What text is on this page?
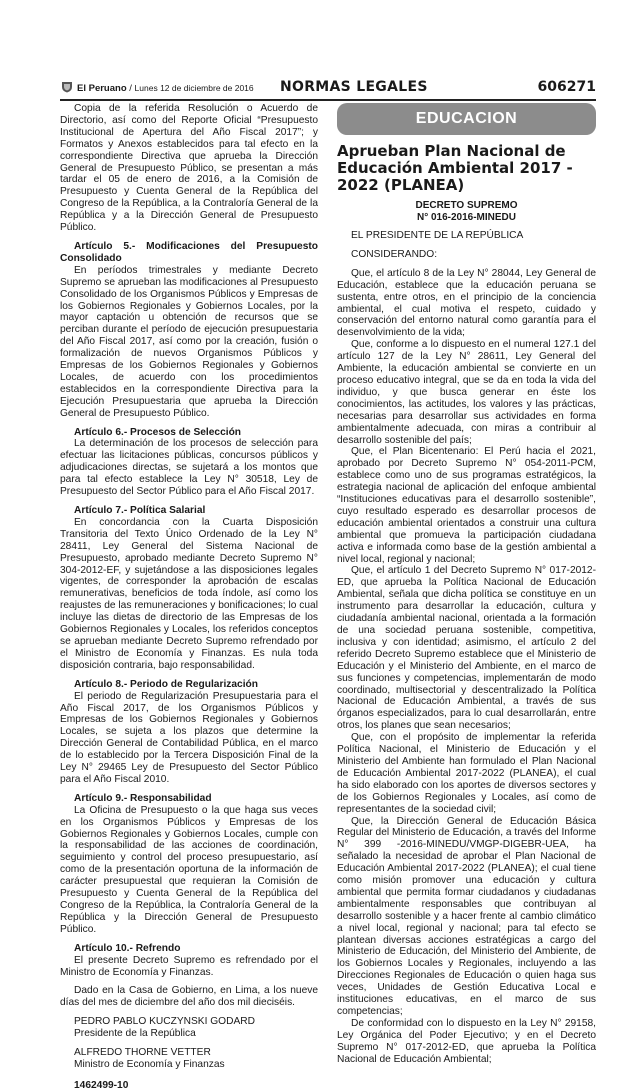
El Peruano / Lunes 12 de diciembre de 2016 NORMAS LEGALES	606271

Copia de la referida Resolución o Acuerdo de Directorio, así como del Reporte Oficial “Presupuesto Institucional de Apertura del Año Fiscal 2017”; y Formatos y Anexos establecidos para tal efecto en la correspondiente Directiva que aprueba la Dirección General de Presupuesto Público, se presentan a más tardar el 05 de enero de 2016, a la Comisión de Presupuesto y Cuenta General de la República del Congreso de la República, a la Contraloría General de la República y a la Dirección General de Presupuesto Público.

Artículo 5.- Modificaciones del Presupuesto Consolidado

En períodos trimestrales y mediante Decreto Supremo se aprueban las modificaciones al Presupuesto Consolidado de los Organismos Públicos y Empresas de los Gobiernos Regionales y Gobiernos Locales, por la mayor captación u obtención de recursos que se perciban durante el período de ejecución presupuestaria del Año Fiscal 2017, así como por la creación, fusión o formalización de nuevos Organismos Públicos y Empresas de los Gobiernos Regionales y Gobiernos Locales, de acuerdo con los procedimientos establecidos en la correspondiente Directiva para la Ejecución Presupuestaria que aprueba la Dirección General de Presupuesto Público.

Artículo 6.- Procesos de Selección

La determinación de los procesos de selección para efectuar las licitaciones públicas, concursos públicos y adjudicaciones directas, se sujetará a los montos que para tal efecto establece la Ley N° 30518, Ley de Presupuesto del Sector Público para el Año Fiscal 2017.

Artículo 7.- Política Salarial

En concordancia con la Cuarta Disposición Transitoria del Texto Único Ordenado de la Ley N° 28411, Ley General del Sistema Nacional de Presupuesto, aprobado mediante Decreto Supremo N° 304-2012-EF, y sujetándose a las disposiciones legales vigentes, de corresponder la aprobación de escalas remunerativas, beneficios de toda índole, así como los reajustes de las remuneraciones y bonificaciones; lo cual incluye las dietas de directorio de las Empresas de los Gobiernos Regionales y Locales, los referidos conceptos se aprueban mediante Decreto Supremo refrendado por el Ministro de Economía y Finanzas. Es nula toda disposición contraria, bajo responsabilidad.

Artículo 8.- Periodo de Regularización

El periodo de Regularización Presupuestaria para el Año Fiscal 2017, de los Organismos Públicos y Empresas de los Gobiernos Regionales y Gobiernos Locales, se sujeta a los plazos que determine la Dirección General de Contabilidad Pública, en el marco de lo establecido por la Tercera Disposición Final de la Ley N° 29465 Ley de Presupuesto del Sector Público para el Año Fiscal 2010.

Artículo 9.- Responsabilidad

La Oficina de Presupuesto o la que haga sus veces en los Organismos Públicos y Empresas de los Gobiernos Regionales y Gobiernos Locales, cumple con la responsabilidad de las acciones de coordinación, seguimiento y control del proceso presupuestario, así como de la presentación oportuna de la información de carácter presupuestal que requieran la Comisión de Presupuesto y Cuenta General de la República del Congreso de la República, la Contraloría General de la República y la Dirección General de Presupuesto Público.

Artículo 10.- Refrendo

El presente Decreto Supremo es refrendado por el Ministro de Economía y Finanzas.

Dado en la Casa de Gobierno, en Lima, a los nueve días del mes de diciembre del año dos mil dieciséis.

PEDRO PABLO KUCZYNSKI GODARD

Presidente de la República

ALFREDO THORNE VETTER

Ministro de Economía y Finanzas

1462499-10

EDUCACION

Aprueban Plan Nacional de Educación Ambiental 2017 - 2022 (PLANEA)

DECRETO SUPREMO

N° 016-2016-MINEDU

EL PRESIDENTE DE LA REPÚBLICA

CONSIDERANDO:

Que, el artículo 8 de la Ley N° 28044, Ley General de Educación, establece que la educación peruana se sustenta, entre otros, en el principio de la conciencia ambiental, el cual motiva el respeto, cuidado y conservación del entorno natural como garantía para el desenvolvimiento de la vida;

Que, conforme a lo dispuesto en el numeral 127.1 del artículo 127 de la Ley N° 28611, Ley General del Ambiente, la educación ambiental se convierte en un proceso educativo integral, que se da en toda la vida del individuo, y que busca generar en éste los conocimientos, las actitudes, los valores y las prácticas, necesarias para desarrollar sus actividades en forma ambientalmente adecuada, con miras a contribuir al desarrollo sostenible del país;

Que, el Plan Bicentenario: El Perú hacia el 2021, aprobado por Decreto Supremo N° 054-2011-PCM, establece como uno de sus programas estratégicos, la estrategia nacional de aplicación del enfoque ambiental “Instituciones educativas para el desarrollo sostenible”, cuyo resultado esperado es desarrollar procesos de educación ambiental orientados a construir una cultura ambiental que promueva la participación ciudadana activa e informada como base de la gestión ambiental a nivel local, regional y nacional;

Que, el artículo 1 del Decreto Supremo N° 017-2012-ED, que aprueba la Política Nacional de Educación Ambiental, señala que dicha política se constituye en un instrumento para desarrollar la educación, cultura y ciudadanía ambiental nacional, orientada a la formación de una sociedad peruana sostenible, competitiva, inclusiva y con identidad; asimismo, el artículo 2 del referido Decreto Supremo establece que el Ministerio de Educación y el Ministerio del Ambiente, en el marco de sus funciones y competencias, implementarán de modo coordinado, multisectorial y descentralizado la Política Nacional de Educación Ambiental, a través de sus órganos especializados, para lo cual desarrollarán, entre otros, los planes que sean necesarios;

Que, con el propósito de implementar la referida Política Nacional, el Ministerio de Educación y el Ministerio del Ambiente han formulado el Plan Nacional de Educación Ambiental 2017-2022 (PLANEA), el cual ha sido elaborado con los aportes de diversos sectores y de los Gobiernos Regionales y Locales, así como de representantes de la sociedad civil;

Que, la Dirección General de Educación Básica Regular del Ministerio de Educación, a través del Informe N° 399 -2016-MINEDU/VMGP-DIGEBR-UEA, ha señalado la necesidad de aprobar el Plan Nacional de Educación Ambiental 2017-2022 (PLANEA); el cual tiene como misión promover una educación y cultura ambiental que permita formar ciudadanos y ciudadanas ambientalmente responsables que contribuyan al desarrollo sostenible y a hacer frente al cambio climático a nivel local, regional y nacional; para tal efecto se plantean diversas acciones estratégicas a cargo del Ministerio de Educación, del Ministerio del Ambiente, de los Gobiernos Locales y Regionales, incluyendo a las Direcciones Regionales de Educación o quien haga sus veces, Unidades de Gestión Educativa Local e instituciones educativas, en el marco de sus competencias;

De conformidad con lo dispuesto en la Ley N° 29158, Ley Orgánica del Poder Ejecutivo; y en el Decreto Supremo N° 017-2012-ED, que aprueba la Política Nacional de Educación Ambiental;
